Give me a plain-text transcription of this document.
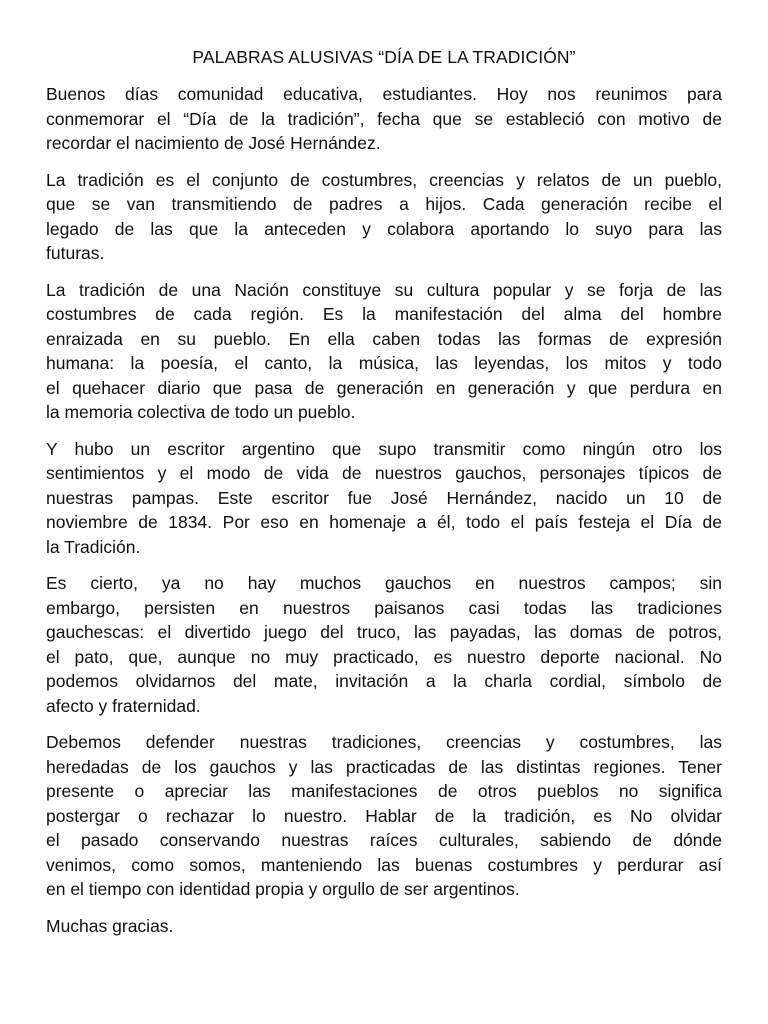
PALABRAS ALUSIVAS “DÍA DE LA TRADICIÓN”
Buenos días comunidad educativa, estudiantes. Hoy nos reunimos para
conmemorar el “Día de la tradición”, fecha que se estableció con motivo de
recordar el nacimiento de José Hernández.
La tradición es el conjunto de costumbres, creencias y relatos de un pueblo,
que se van transmitiendo de padres a hijos. Cada generación recibe el
legado de las que la anteceden y colabora aportando lo suyo para las
futuras.
La tradición de una Nación constituye su cultura popular y se forja de las
costumbres de cada región. Es la manifestación del alma del hombre
enraizada en su pueblo. En ella caben todas las formas de expresión
humana: la poesía, el canto, la música, las leyendas, los mitos y todo
el quehacer diario que pasa de generación en generación y que perdura en
la memoria colectiva de todo un pueblo.
Y hubo un escritor argentino que supo transmitir como ningún otro los
sentimientos y el modo de vida de nuestros gauchos, personajes típicos de
nuestras pampas. Este escritor fue José Hernández, nacido un 10 de
noviembre de 1834. Por eso en homenaje a él, todo el país festeja el Día de
la Tradición.
Es cierto, ya no hay muchos gauchos en nuestros campos; sin
embargo, persisten en nuestros paisanos casi todas las tradiciones
gauchescas: el divertido juego del truco, las payadas, las domas de potros,
el pato, que, aunque no muy practicado, es nuestro deporte nacional. No
podemos olvidarnos del mate, invitación a la charla cordial, símbolo de
afecto y fraternidad.
Debemos defender nuestras tradiciones, creencias y costumbres, las
heredadas de los gauchos y las practicadas de las distintas regiones. Tener
presente o apreciar las manifestaciones de otros pueblos no significa
postergar o rechazar lo nuestro. Hablar de la tradición, es No olvidar
el pasado conservando nuestras raíces culturales, sabiendo de dónde
venimos, como somos, manteniendo las buenas costumbres y perdurar así
en el tiempo con identidad propia y orgullo de ser argentinos.
Muchas gracias.
